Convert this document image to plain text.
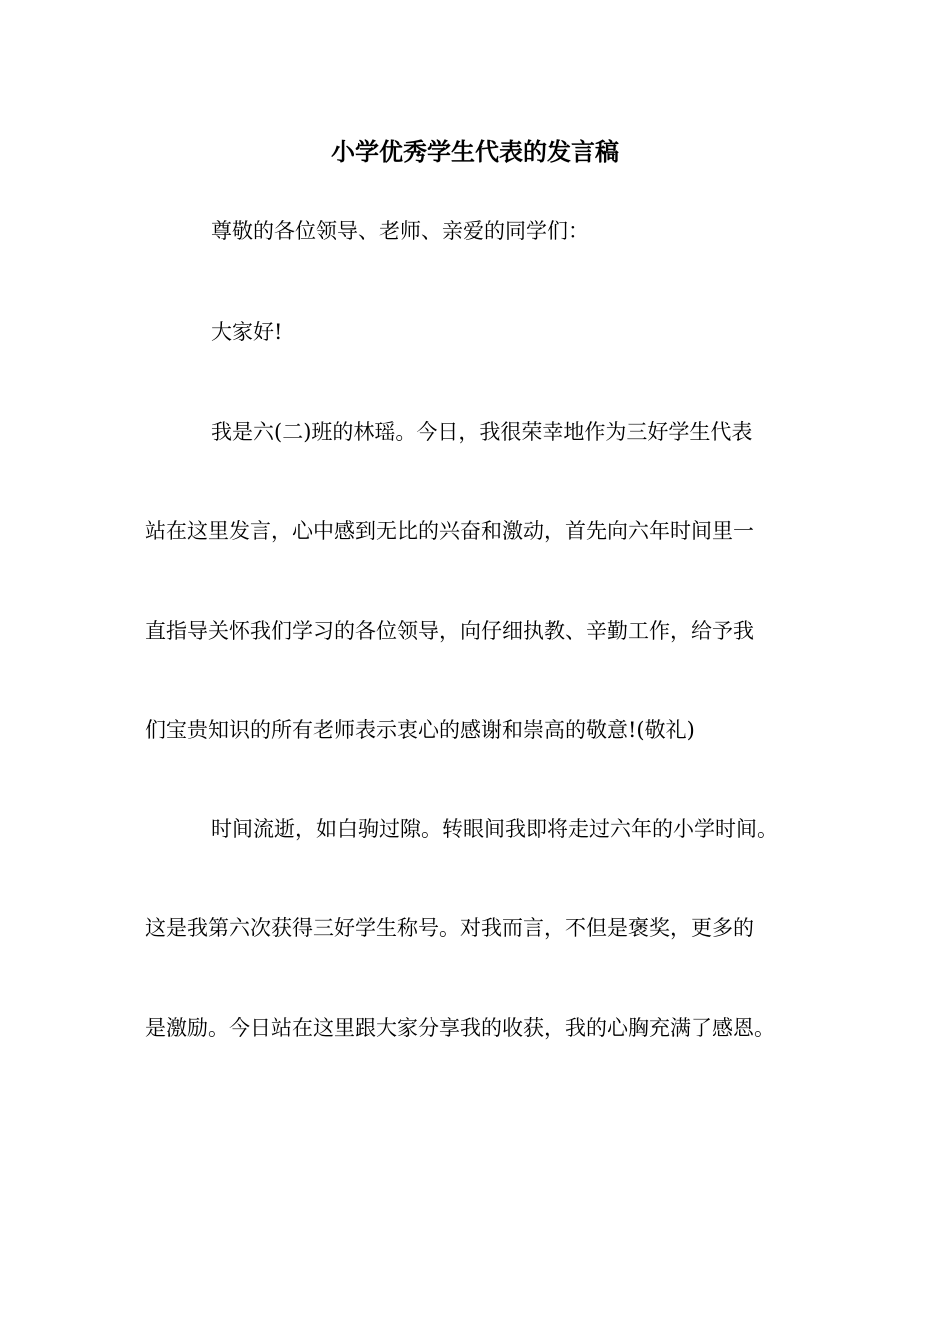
小学优秀学生代表的发言稿
尊敬的各位领导、老师、亲爱的同学们：
大家好!
我是六(二)班的林瑶。今日，我很荣幸地作为三好学生代表
站在这里发言，心中感到无比的兴奋和激动，首先向六年时间里一
直指导关怀我们学习的各位领导，向仔细执教、辛勤工作，给予我
们宝贵知识的所有老师表示衷心的感谢和崇高的敬意!(敬礼)
时间流逝，如白驹过隙。转眼间我即将走过六年的小学时间。
这是我第六次获得三好学生称号。对我而言，不但是褒奖，更多的
是激励。今日站在这里跟大家分享我的收获，我的心胸充满了感恩。
